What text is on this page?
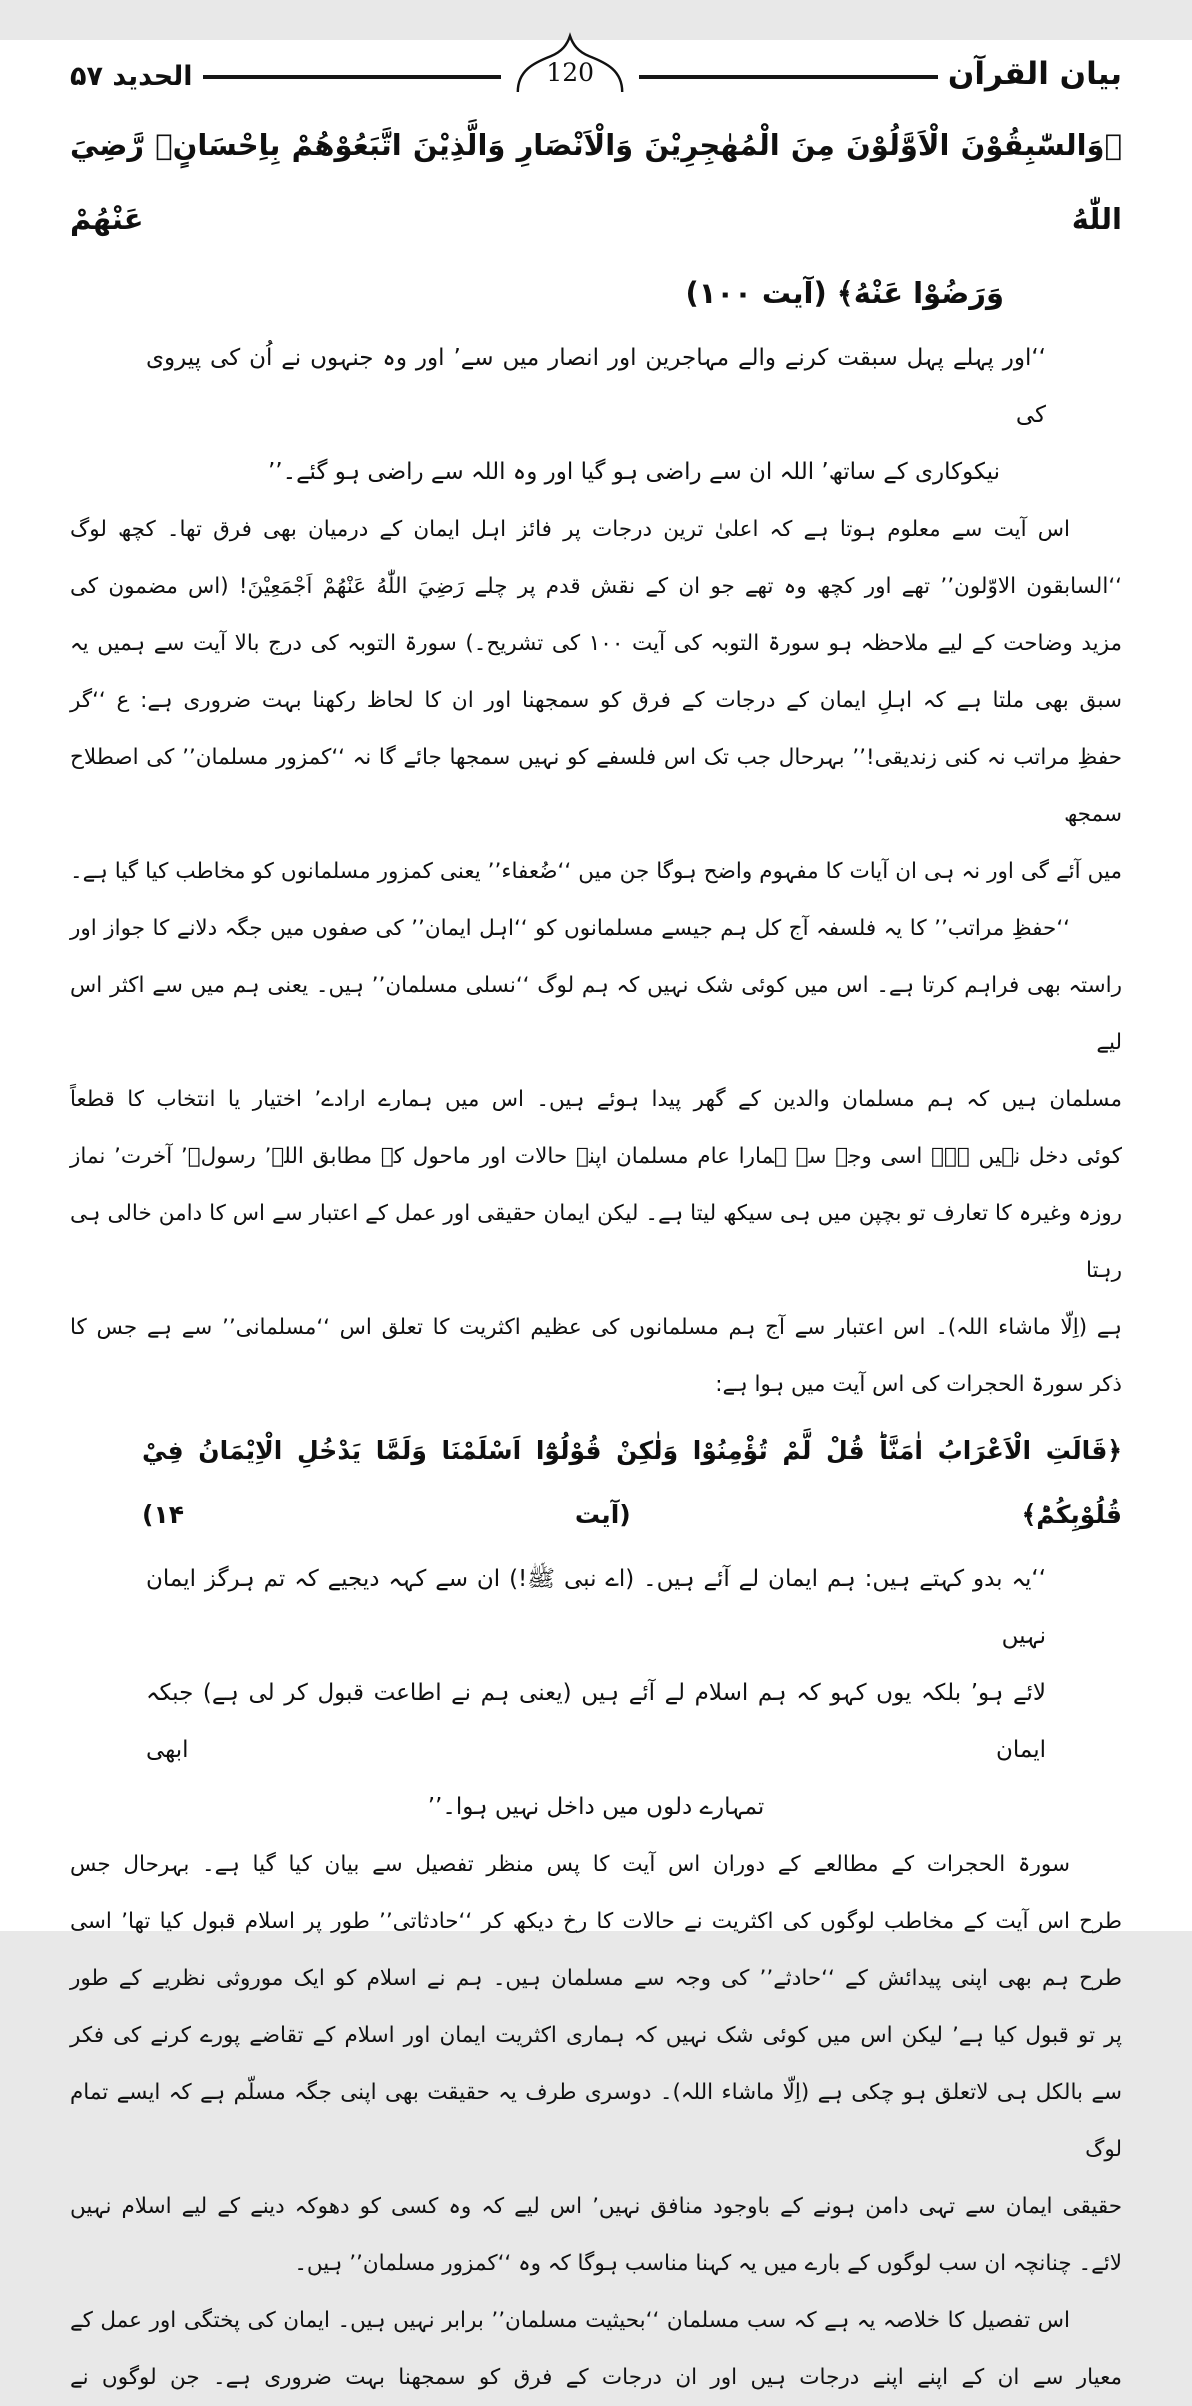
الحدید ۵۷	120	بیان القرآن
﴿وَالسّٰبِقُوْنَ الْاَوَّلُوْنَ مِنَ الْمُهٰجِرِيْنَ وَالْاَنْصَارِ وَالَّذِيْنَ اتَّبَعُوْهُمْ بِاِحْسَانٍۙ رَّضِيَ اللّٰهُ عَنْهُمْ
وَرَضُوْا عَنْهُ﴾ (آیت ۱۰۰)
‘‘اور پہلے پہل سبقت کرنے والے مہاجرین اور انصار میں سے’ اور وہ جنہوں نے اُن کی پیروی کی
نیکوکاری کے ساتھ’ اللہ ان سے راضی ہو گیا اور وہ اللہ سے راضی ہو گئے۔’’
اس آیت سے معلوم ہوتا ہے کہ اعلیٰ ترین درجات پر فائز اہل ایمان کے درمیان بھی فرق تھا۔ کچھ لوگ
‘‘السابقون الاوّلون’’ تھے اور کچھ وہ تھے جو ان کے نقش قدم پر چلے رَضِيَ اللّٰهُ عَنْهُمْ اَجْمَعِيْنَ! (اس مضمون کی
مزید وضاحت کے لیے ملاحظہ ہو سورۃ التوبہ کی آیت ۱۰۰ کی تشریح۔) سورۃ التوبہ کی درج بالا آیت سے ہمیں یہ
سبق بھی ملتا ہے کہ اہلِ ایمان کے درجات کے فرق کو سمجھنا اور ان کا لحاظ رکھنا بہت ضروری ہے: ع ‘‘گر
حفظِ مراتب نہ کنی زندیقی!’’ بہرحال جب تک اس فلسفے کو نہیں سمجھا جائے گا نہ ‘‘کمزور مسلمان’’ کی اصطلاح سمجھ
میں آئے گی اور نہ ہی ان آیات کا مفہوم واضح ہوگا جن میں ‘‘ضُعفاء’’ یعنی کمزور مسلمانوں کو مخاطب کیا گیا ہے۔
‘‘حفظِ مراتب’’ کا یہ فلسفہ آج کل ہم جیسے مسلمانوں کو ‘‘اہل ایمان’’ کی صفوں میں جگہ دلانے کا جواز اور
راستہ بھی فراہم کرتا ہے۔ اس میں کوئی شک نہیں کہ ہم لوگ ‘‘نسلی مسلمان’’ ہیں۔ یعنی ہم میں سے اکثر اس لیے
مسلمان ہیں کہ ہم مسلمان والدین کے گھر پیدا ہوئے ہیں۔ اس میں ہمارے ارادے’ اختیار یا انتخاب کا قطعاً
کوئی دخل نہیں ہے۔ اسی وجہ سے ہمارا عام مسلمان اپنے حالات اور ماحول کے مطابق اللہ’ رسولؐ’ آخرت’ نماز
روزہ وغیرہ کا تعارف تو بچپن میں ہی سیکھ لیتا ہے۔ لیکن ایمان حقیقی اور عمل کے اعتبار سے اس کا دامن خالی ہی رہتا
ہے (اِلّا ماشاء اللہ)۔ اس اعتبار سے آج ہم مسلمانوں کی عظیم اکثریت کا تعلق اس ‘‘مسلمانی’’ سے ہے جس کا
ذکر سورۃ الحجرات کی اس آیت میں ہوا ہے:
﴿قَالَتِ الْاَعْرَابُ اٰمَنَّاؕ قُلْ لَّمْ تُؤْمِنُوْا وَلٰكِنْ قُوْلُوْٓا اَسْلَمْنَا وَلَمَّا يَدْخُلِ الْاِيْمَانُ فِيْ قُلُوْبِكُمْؕ﴾ (آیت ۱۴)
‘‘یہ بدو کہتے ہیں: ہم ایمان لے آئے ہیں۔ (اے نبی ﷺ!) ان سے کہہ دیجیے کہ تم ہرگز ایمان نہیں
لائے ہو’ بلکہ یوں کہو کہ ہم اسلام لے آئے ہیں (یعنی ہم نے اطاعت قبول کر لی ہے) جبکہ ایمان ابھی
تمہارے دلوں میں داخل نہیں ہوا۔’’
سورۃ الحجرات کے مطالعے کے دوران اس آیت کا پس منظر تفصیل سے بیان کیا گیا ہے۔ بہرحال جس
طرح اس آیت کے مخاطب لوگوں کی اکثریت نے حالات کا رخ دیکھ کر ‘‘حادثاتی’’ طور پر اسلام قبول کیا تھا’ اسی
طرح ہم بھی اپنی پیدائش کے ‘‘حادثے’’ کی وجہ سے مسلمان ہیں۔ ہم نے اسلام کو ایک موروثی نظریے کے طور
پر تو قبول کیا ہے’ لیکن اس میں کوئی شک نہیں کہ ہماری اکثریت ایمان اور اسلام کے تقاضے پورے کرنے کی فکر
سے بالکل ہی لاتعلق ہو چکی ہے (اِلّا ماشاء اللہ)۔ دوسری طرف یہ حقیقت بھی اپنی جگہ مسلّم ہے کہ ایسے تمام لوگ
حقیقی ایمان سے تہی دامن ہونے کے باوجود منافق نہیں’ اس لیے کہ وہ کسی کو دھوکہ دینے کے لیے اسلام نہیں
لائے۔ چنانچہ ان سب لوگوں کے بارے میں یہ کہنا مناسب ہوگا کہ وہ ‘‘کمزور مسلمان’’ ہیں۔
اس تفصیل کا خلاصہ یہ ہے کہ سب مسلمان ‘‘بحیثیت مسلمان’’ برابر نہیں ہیں۔ ایمان کی پختگی اور عمل کے
معیار سے ان کے اپنے اپنے درجات ہیں اور ان درجات کے فرق کو سمجھنا بہت ضروری ہے۔ جن لوگوں نے
